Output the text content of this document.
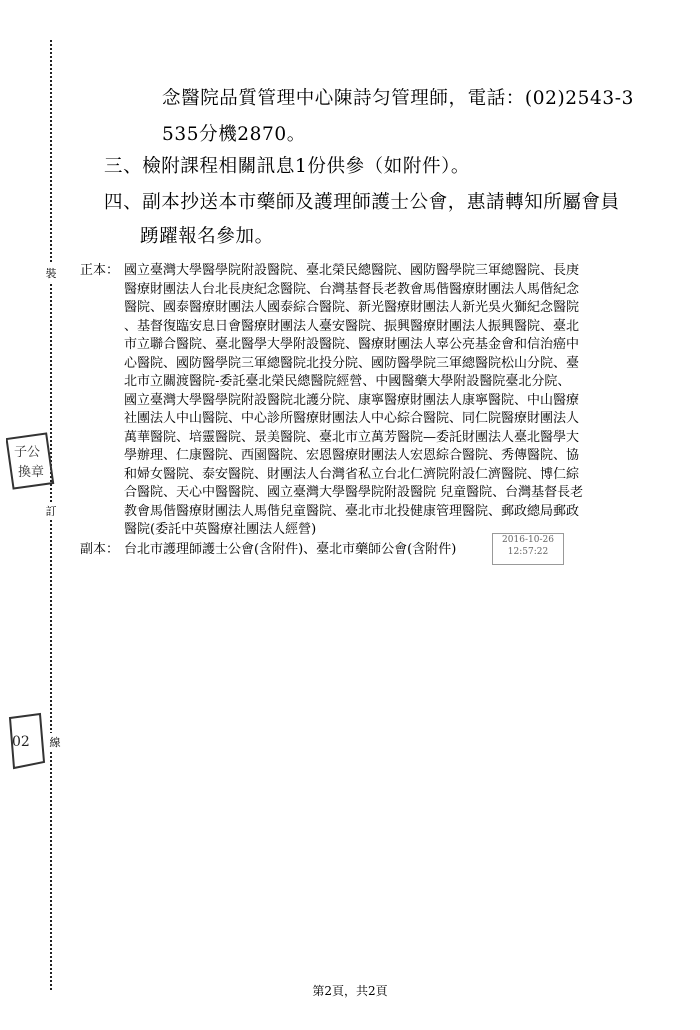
裝
訂
線
子公
換章
02
念醫院品質管理中心陳詩匀管理師，電話：(02)2543-3
535分機2870。
三、檢附課程相關訊息1份供參（如附件）。
四、副本抄送本市藥師及護理師護士公會，惠請轉知所屬會員
踴躍報名參加。
正本： 國立臺灣大學醫學院附設醫院、臺北榮民總醫院、國防醫學院三軍總醫院、長庚
醫療財團法人台北長庚紀念醫院、台灣基督長老教會馬偕醫療財團法人馬偕紀念
醫院、國泰醫療財團法人國泰綜合醫院、新光醫療財團法人新光吳火獅紀念醫院
、基督復臨安息日會醫療財團法人臺安醫院、振興醫療財團法人振興醫院、臺北
市立聯合醫院、臺北醫學大學附設醫院、醫療財團法人辜公亮基金會和信治癌中
心醫院、國防醫學院三軍總醫院北投分院、國防醫學院三軍總醫院松山分院、臺
北市立關渡醫院-委託臺北榮民總醫院經營、中國醫藥大學附設醫院臺北分院、
國立臺灣大學醫學院附設醫院北護分院、康寧醫療財團法人康寧醫院、中山醫療
社團法人中山醫院、中心診所醫療財團法人中心綜合醫院、同仁院醫療財團法人
萬華醫院、培靈醫院、景美醫院、臺北市立萬芳醫院—委託財團法人臺北醫學大
學辦理、仁康醫院、西園醫院、宏恩醫療財團法人宏恩綜合醫院、秀傳醫院、協
和婦女醫院、泰安醫院、財團法人台灣省私立台北仁濟院附設仁濟醫院、博仁綜
合醫院、天心中醫醫院、國立臺灣大學醫學院附設醫院 兒童醫院、台灣基督長老
教會馬偕醫療財團法人馬偕兒童醫院、臺北市北投健康管理醫院、郵政總局郵政
醫院(委託中英醫療社團法人經營)
副本： 台北市護理師護士公會(含附件)、臺北市藥師公會(含附件)
2016-10-26
12:57:22
第2頁，共2頁
